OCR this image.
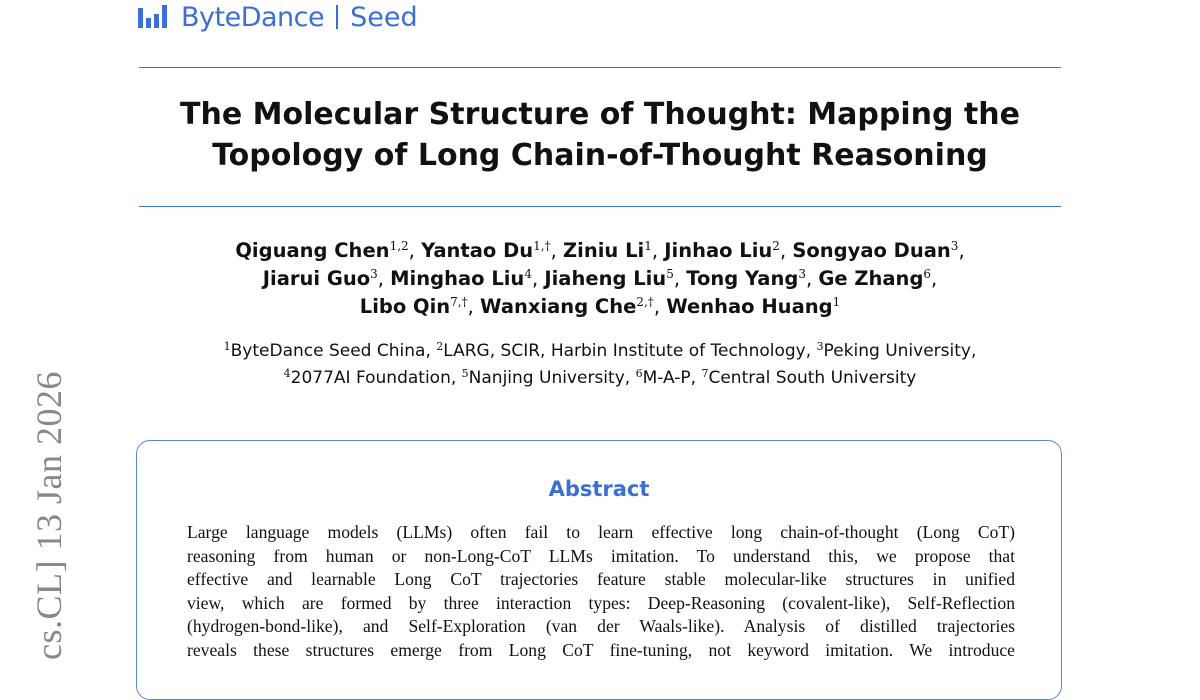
ByteDance Seed
The Molecular Structure of Thought: Mapping the
Topology of Long Chain-of-Thought Reasoning
Qiguang Chen$^{1,2}$, Yantao $Du^{1,\dagger}$, Ziniu Li$^1$, Jinhao Liu$^2$, Songyao Duan$^3$,
Jiarui Guo$^3$, Minghao Liu$^4$, Jiaheng Liu$^5$, Tong Yang$^3$, Ge Zhang$^6$,
Libo Qin$^{7,\dagger}$, Wanxiang Che$^{2,\dagger}$, Wenhao Huang$^1$
$^1$ByteDance Seed China, $^2$LARG, SCIR, Harbin Institute of Technology, $^3$Peking University,
$^4$2077AI Foundation, $^5$Nanjing University, $^6$M-A-P, $^7$Central South University
Abstract
Large language models (LLMs) often fail to learn effective long chain-of-thought (Long CoT)
reasoning from human or non-Long-CoT LLMs imitation. To understand this, we propose that
effective and learnable Long CoT trajectories feature stable molecular-like structures in unified
view, which are formed by three interaction types: Deep-Reasoning (covalent-like), Self-Reflection
(hydrogen-bond-like), and Self-Exploration (van der Waals-like). Analysis of distilled trajectories
reveals these structures emerge from Long CoT fine-tuning, not keyword imitation. We introduce
cs.CL] 13 Jan 2026
